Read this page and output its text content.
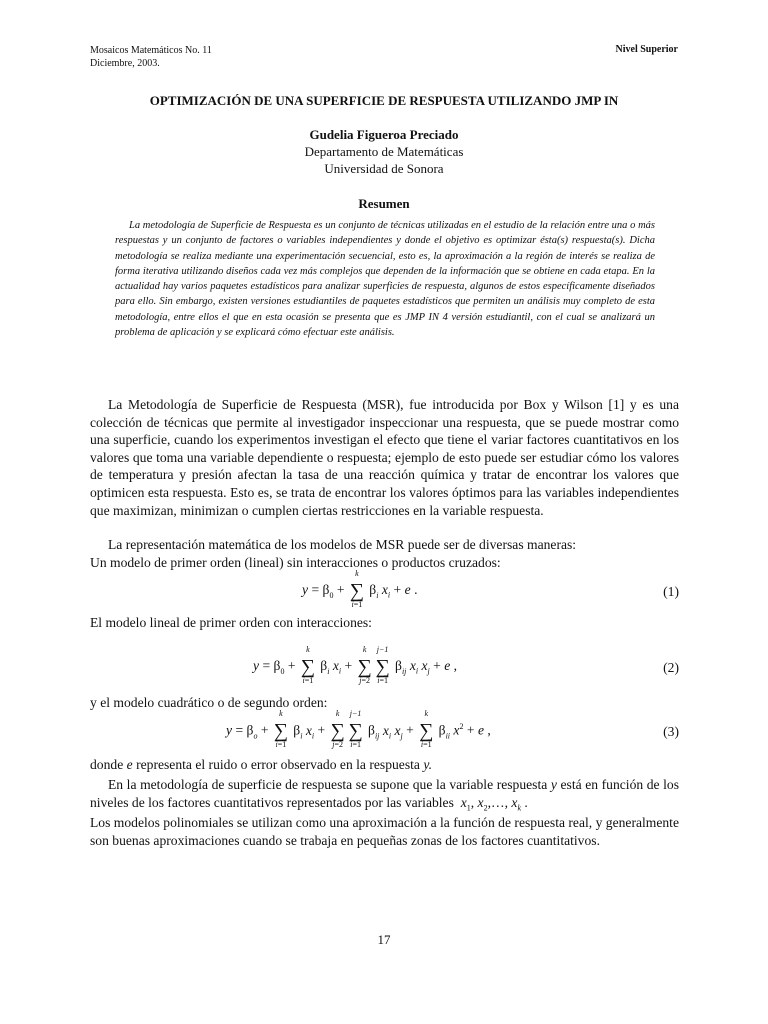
Mosaicos Matemáticos No. 11
Diciembre, 2003.
Nivel Superior
OPTIMIZACIÓN DE UNA SUPERFICIE DE RESPUESTA UTILIZANDO JMP IN
Gudelia Figueroa Preciado
Departamento de Matemáticas
Universidad de Sonora
Resumen
La metodología de Superficie de Respuesta es un conjunto de técnicas utilizadas en el estudio de la relación entre una o más respuestas y un conjunto de factores o variables independientes y donde el objetivo es optimizar ésta(s) respuesta(s). Dicha metodología se realiza mediante una experimentación secuencial, esto es, la aproximación a la región de interés se realiza de forma iterativa utilizando diseños cada vez más complejos que dependen de la información que se obtiene en cada etapa. En la actualidad hay varios paquetes estadísticos para analizar superficies de respuesta, algunos de estos específicamente diseñados para ello. Sin embargo, existen versiones estudiantiles de paquetes estadísticos que permiten un análisis muy completo de esta metodología, entre ellos el que en esta ocasión se presenta que es JMP IN 4 versión estudiantil, con el cual se analizará un problema de aplicación y se explicará cómo efectuar este análisis.
La Metodología de Superficie de Respuesta (MSR), fue introducida por Box y Wilson [1] y es una colección de técnicas que permite al investigador inspeccionar una respuesta, que se puede mostrar como una superficie, cuando los experimentos investigan el efecto que tiene el variar factores cuantitativos en los valores que toma una variable dependiente o respuesta; ejemplo de esto puede ser estudiar cómo los valores de temperatura y presión afectan la tasa de una reacción química y tratar de encontrar los valores que optimicen esta respuesta. Esto es, se trata de encontrar los valores óptimos para las variables independientes que maximizan, minimizan o cumplen ciertas restricciones en la variable respuesta.
La representación matemática de los modelos de MSR puede ser de diversas maneras:
Un modelo de primer orden (lineal) sin interacciones o productos cruzados:
$y = \beta_0$ +
k
∑
i=1
$\beta_i$ $x_i + e$ .	(1)
El modelo lineal de primer orden con interacciones:
$y = \beta_0$ +
k
∑
i=1
$\beta_i$ $x_i$ +
k
∑
j=2
j−1
∑
i=1
$\beta_{ij}$ $x_i$ $x_j + e$ ,	(2)
y el modelo cuadrático o de segundo orden:
$y = \beta_o$ +
k
∑
i=1
$\beta_i$ $x_i$ +
k
∑
j=2
j−1
∑
i=1
$\beta_{ij}$ $x_i$ $x_j$ +
k
∑
i=1
$\beta_{ii}$ $x^2 + e$ ,	(3)
donde e representa el ruido o error observado en la respuesta y.
En la metodología de superficie de respuesta se supone que la variable respuesta y está en función de los niveles de los factores cuantitativos representados por las variables $x_1$, $x_2,\dots$, $x_k$ .
Los modelos polinomiales se utilizan como una aproximación a la función de respuesta real, y generalmente son buenas aproximaciones cuando se trabaja en pequeñas zonas de los factores cuantitativos.
17
